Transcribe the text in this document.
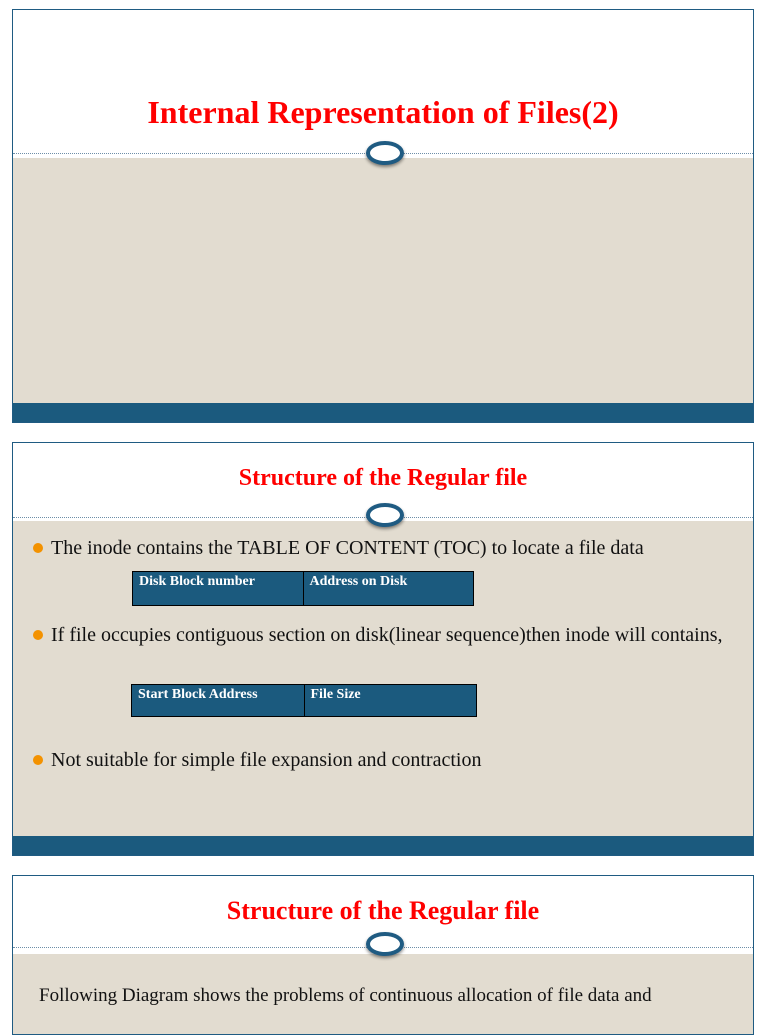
Internal Representation of Files(2)
Structure of the Regular file
The inode contains the TABLE OF CONTENT (TOC) to locate a file data
Disk Block number	Address on Disk
If file occupies contiguous section on disk(linear sequence)then inode will contains,
Start Block Address	File Size
Not suitable for simple file expansion and contraction
Structure of the Regular file
Following Diagram shows the problems of continuous allocation of file data and
